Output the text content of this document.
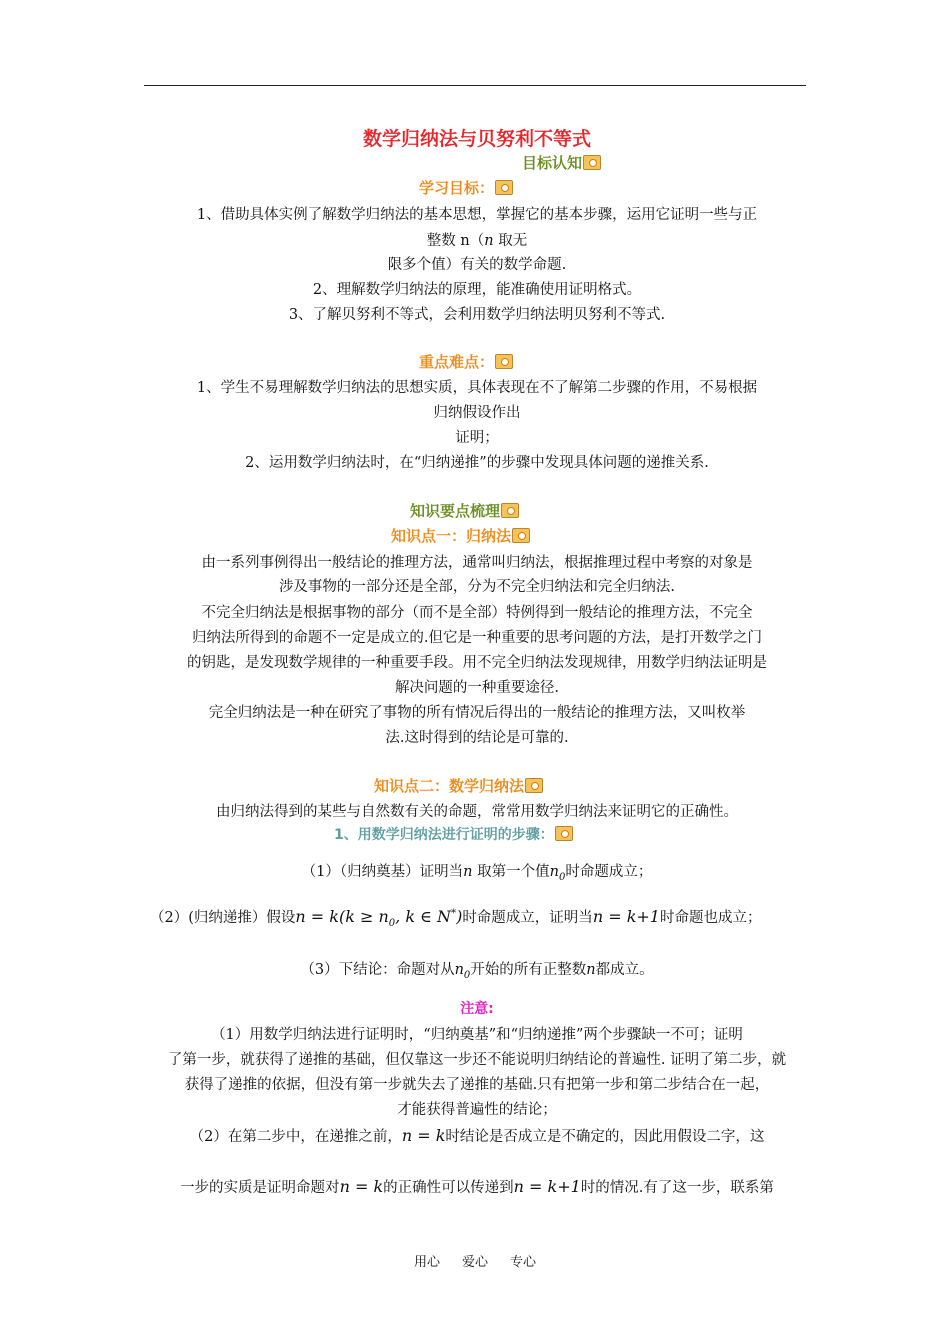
数学归纳法与贝努利不等式
目标认知
学习目标：
1、借助具体实例了解数学归纳法的基本思想，掌握它的基本步骤，运用它证明一些与正
整数 n（n 取无
限多个值）有关的数学命题.
2、理解数学归纳法的原理，能准确使用证明格式。
3、了解贝努利不等式，会利用数学归纳法明贝努利不等式.
重点难点：
1、学生不易理解数学归纳法的思想实质，具体表现在不了解第二步骤的作用，不易根据
归纳假设作出
证明；
2、运用数学归纳法时，在“归纳递推”的步骤中发现具体问题的递推关系.
知识要点梳理
知识点一：归纳法
由一系列事例得出一般结论的推理方法，通常叫归纳法，根据推理过程中考察的对象是
涉及事物的一部分还是全部，分为不完全归纳法和完全归纳法.
不完全归纳法是根据事物的部分（而不是全部）特例得到一般结论的推理方法，不完全
归纳法所得到的命题不一定是成立的.但它是一种重要的思考问题的方法，是打开数学之门
的钥匙，是发现数学规律的一种重要手段。用不完全归纳法发现规律，用数学归纳法证明是
解决问题的一种重要途径.
完全归纳法是一种在研究了事物的所有情况后得出的一般结论的推理方法，又叫枚举
法.这时得到的结论是可靠的.
知识点二：数学归纳法
由归纳法得到的某些与自然数有关的命题，常常用数学归纳法来证明它的正确性。
1、用数学归纳法进行证明的步骤：
（1）（归纳奠基）证明当n 取第一个值$n_0$时命题成立；
（2）(归纳递推）假设$n = k(k \ge n_0$, k ∈ N*)时命题成立，证明当n = k+1时命题也成立；
（3）下结论：命题对从$n_0$开始的所有正整数n都成立。
注意:
（1）用数学归纳法进行证明时，“归纳奠基”和“归纳递推”两个步骤缺一不可；证明
了第一步，就获得了递推的基础，但仅靠这一步还不能说明归纳结论的普遍性. 证明了第二步，就
获得了递推的依据，但没有第一步就失去了递推的基础.只有把第一步和第二步结合在一起，
才能获得普遍性的结论；
（2）在第二步中，在递推之前，n = k时结论是否成立是不确定的，因此用假设二字，这
一步的实质是证明命题对n = k的正确性可以传递到n = k+1时的情况.有了这一步，联系第
用心 爱心 专心
